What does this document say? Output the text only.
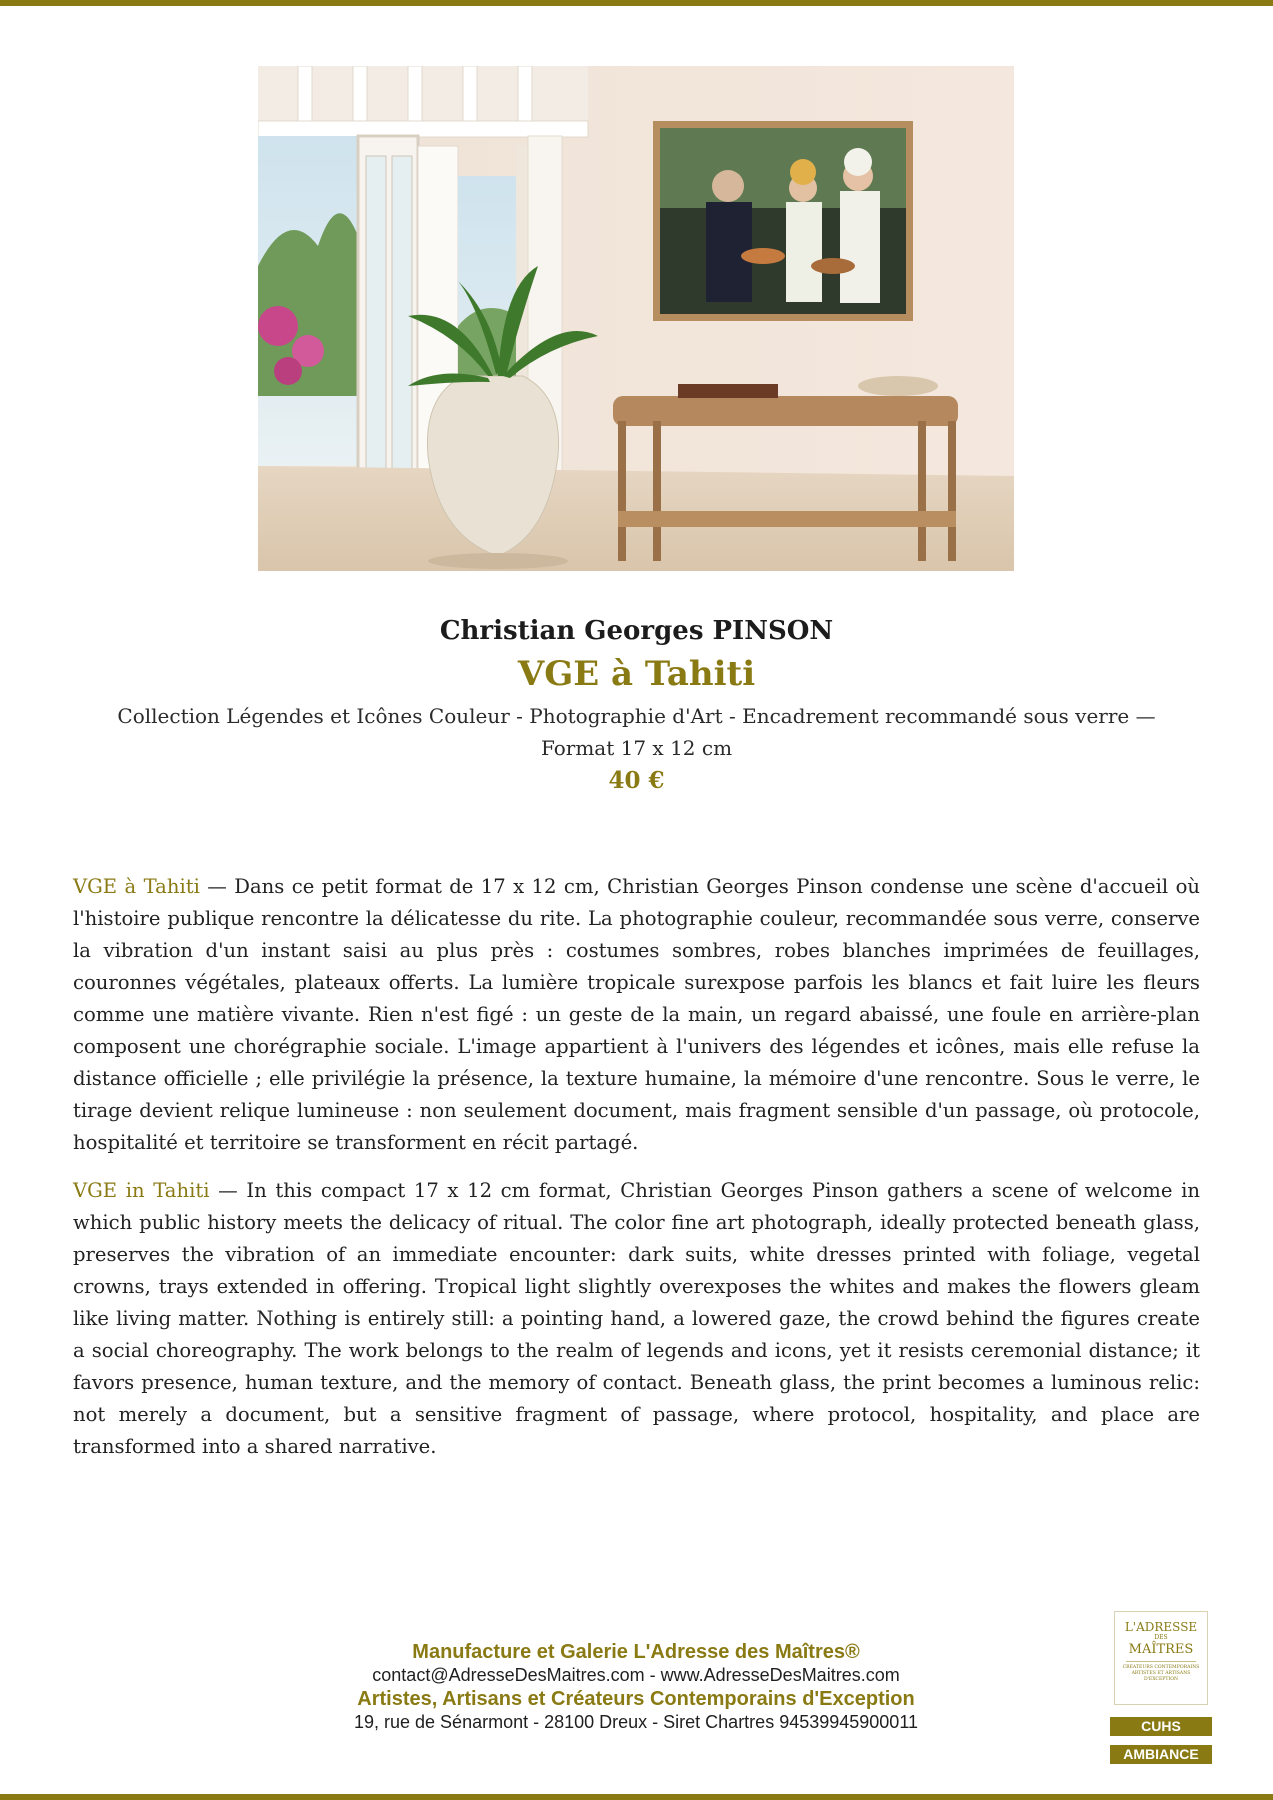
Christian Georges PINSON
VGE à Tahiti
Collection Légendes et Icônes Couleur - Photographie d'Art - Encadrement recommandé sous verre — Format 17 x 12 cm
40 €

VGE à Tahiti — Dans ce petit format de 17 x 12 cm, Christian Georges Pinson condense une scène d'accueil où l'histoire publique rencontre la délicatesse du rite. La photographie couleur, recommandée sous verre, conserve la vibration d'un instant saisi au plus près : costumes sombres, robes blanches imprimées de feuillages, couronnes végétales, plateaux offerts. La lumière tropicale surexpose parfois les blancs et fait luire les fleurs comme une matière vivante. Rien n'est figé : un geste de la main, un regard abaissé, une foule en arrière-plan composent une chorégraphie sociale. L'image appartient à l'univers des légendes et icônes, mais elle refuse la distance officielle ; elle privilégie la présence, la texture humaine, la mémoire d'une rencontre. Sous le verre, le tirage devient relique lumineuse : non seulement document, mais fragment sensible d'un passage, où protocole, hospitalité et territoire se transforment en récit partagé.

VGE in Tahiti — In this compact 17 x 12 cm format, Christian Georges Pinson gathers a scene of welcome in which public history meets the delicacy of ritual. The color fine art photograph, ideally protected beneath glass, preserves the vibration of an immediate encounter: dark suits, white dresses printed with foliage, vegetal crowns, trays extended in offering. Tropical light slightly overexposes the whites and makes the flowers gleam like living matter. Nothing is entirely still: a pointing hand, a lowered gaze, the crowd behind the figures create a social choreography. The work belongs to the realm of legends and icons, yet it resists ceremonial distance; it favors presence, human texture, and the memory of contact. Beneath glass, the print becomes a luminous relic: not merely a document, but a sensitive fragment of passage, where protocol, hospitality, and place are transformed into a shared narrative.

Manufacture et Galerie L'Adresse des Maîtres®
contact@AdresseDesMaitres.com - www.AdresseDesMaitres.com
Artistes, Artisans et Créateurs Contemporains d'Exception
19, rue de Sénarmont - 28100 Dreux - Siret Chartres 94539945900011
L'ADRESSE
DES
MAÎTRES
CRÉATEURS CONTEMPORAINS ARTISTES ET ARTISANS D'EXCEPTION
CUHS
AMBIANCE
